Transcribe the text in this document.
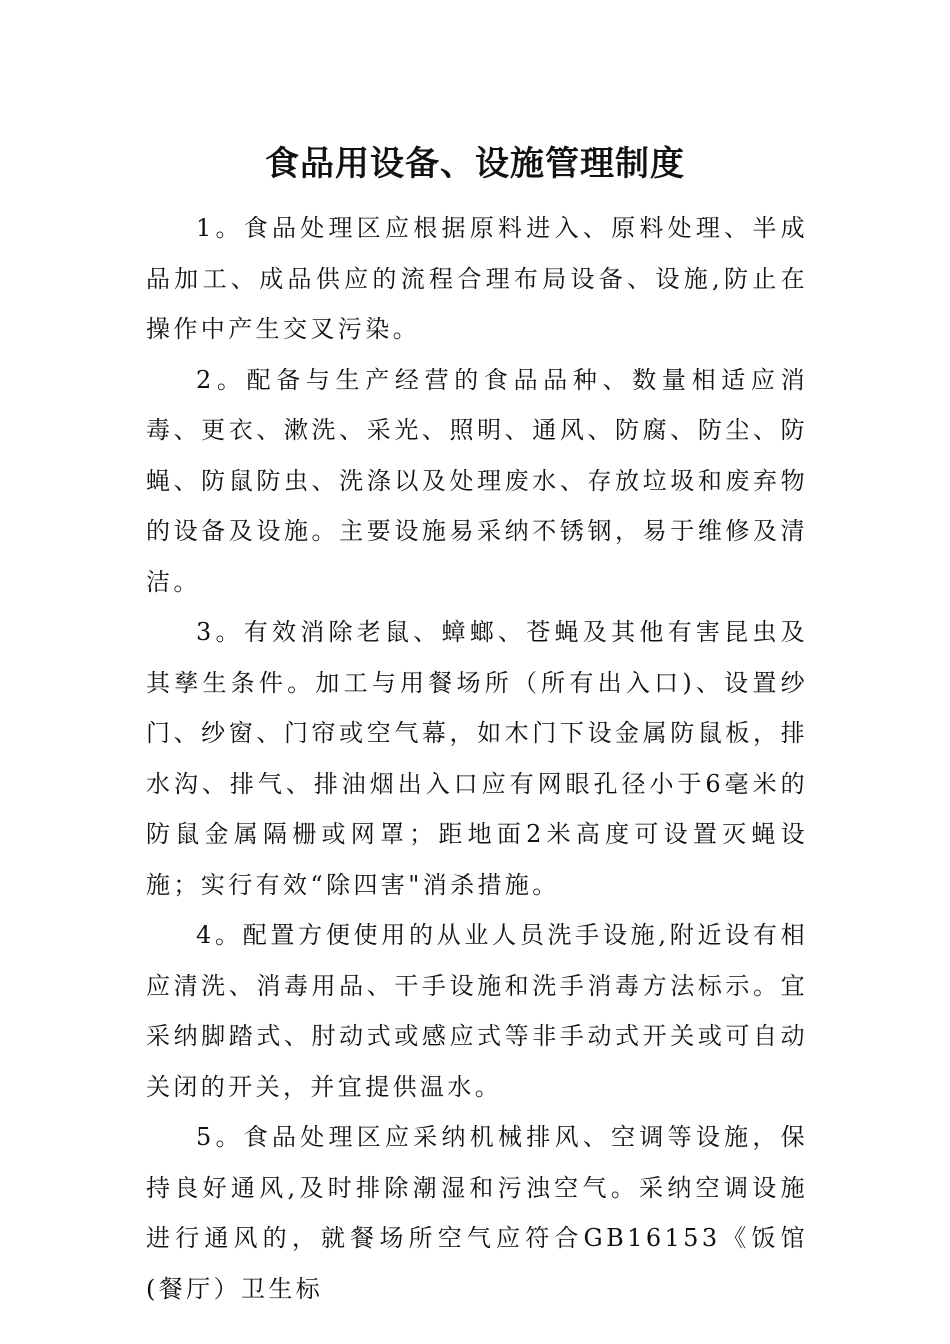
食品用设备、设施管理制度

1。食品处理区应根据原料进入、原料处理、半成品加工、成品供应的流程合理布局设备、设施,防止在操作中产生交叉污染。

2。配备与生产经营的食品品种、数量相适应消毒、更衣、漱洗、采光、照明、通风、防腐、防尘、防蝇、防鼠防虫、洗涤以及处理废水、存放垃圾和废弃物的设备及设施。主要设施易采纳不锈钢，易于维修及清洁。

3。有效消除老鼠、蟑螂、苍蝇及其他有害昆虫及其孳生条件。加工与用餐场所（所有出入口)、设置纱门、纱窗、门帘或空气幕，如木门下设金属防鼠板，排水沟、排气、排油烟出入口应有网眼孔径小于6毫米的防鼠金属隔栅或网罩；距地面2米高度可设置灭蝇设施；实行有效“除四害"消杀措施。

4。配置方便使用的从业人员洗手设施,附近设有相应清洗、消毒用品、干手设施和洗手消毒方法标示。宜采纳脚踏式、肘动式或感应式等非手动式开关或可自动关闭的开关，并宜提供温水。

5。食品处理区应采纳机械排风、空调等设施，保持良好通风,及时排除潮湿和污浊空气。采纳空调设施进行通风的，就餐场所空气应符合GB16153《饭馆(餐厅）卫生标
